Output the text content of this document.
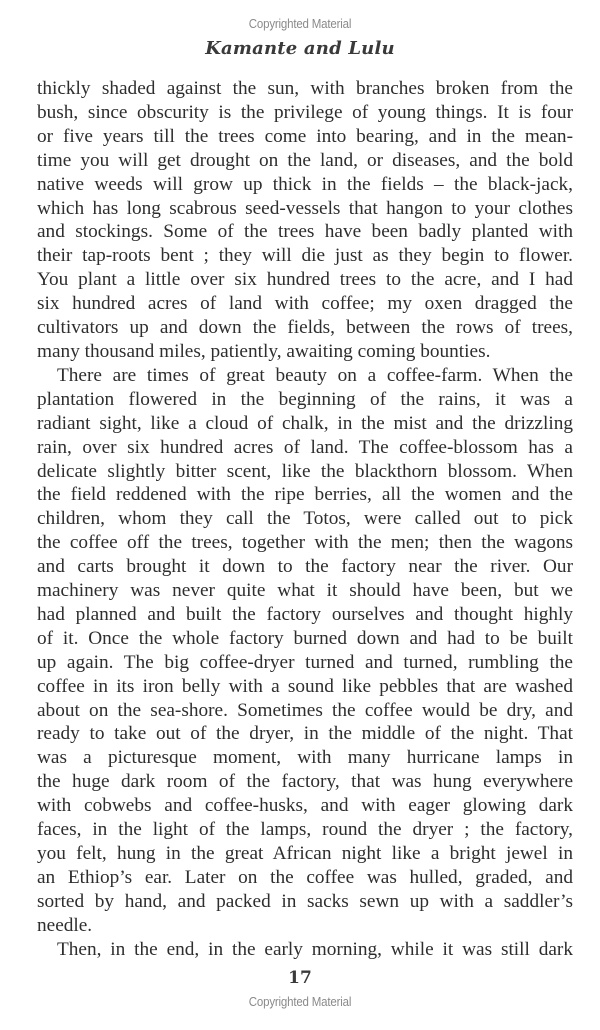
Copyrighted Material
Kamante and Lulu
thickly shaded against the sun, with branches broken from the
bush, since obscurity is the privilege of young things. It is four
or five years till the trees come into bearing, and in the mean-
time you will get drought on the land, or diseases, and the bold
native weeds will grow up thick in the fields – the black-jack,
which has long scabrous seed-vessels that hangon to your clothes
and stockings. Some of the trees have been badly planted with
their tap-roots bent ; they will die just as they begin to flower.
You plant a little over six hundred trees to the acre, and I had
six hundred acres of land with coffee; my oxen dragged the
cultivators up and down the fields, between the rows of trees,
many thousand miles, patiently, awaiting coming bounties.
There are times of great beauty on a coffee-farm. When the
plantation flowered in the beginning of the rains, it was a
radiant sight, like a cloud of chalk, in the mist and the drizzling
rain, over six hundred acres of land. The coffee-blossom has a
delicate slightly bitter scent, like the blackthorn blossom. When
the field reddened with the ripe berries, all the women and the
children, whom they call the Totos, were called out to pick
the coffee off the trees, together with the men; then the wagons
and carts brought it down to the factory near the river. Our
machinery was never quite what it should have been, but we
had planned and built the factory ourselves and thought highly
of it. Once the whole factory burned down and had to be built
up again. The big coffee-dryer turned and turned, rumbling the
coffee in its iron belly with a sound like pebbles that are washed
about on the sea-shore. Sometimes the coffee would be dry, and
ready to take out of the dryer, in the middle of the night. That
was a picturesque moment, with many hurricane lamps in
the huge dark room of the factory, that was hung everywhere
with cobwebs and coffee-husks, and with eager glowing dark
faces, in the light of the lamps, round the dryer ; the factory,
you felt, hung in the great African night like a bright jewel in
an Ethiop’s ear. Later on the coffee was hulled, graded, and
sorted by hand, and packed in sacks sewn up with a saddler’s
needle.
Then, in the end, in the early morning, while it was still dark
17
Copyrighted Material
